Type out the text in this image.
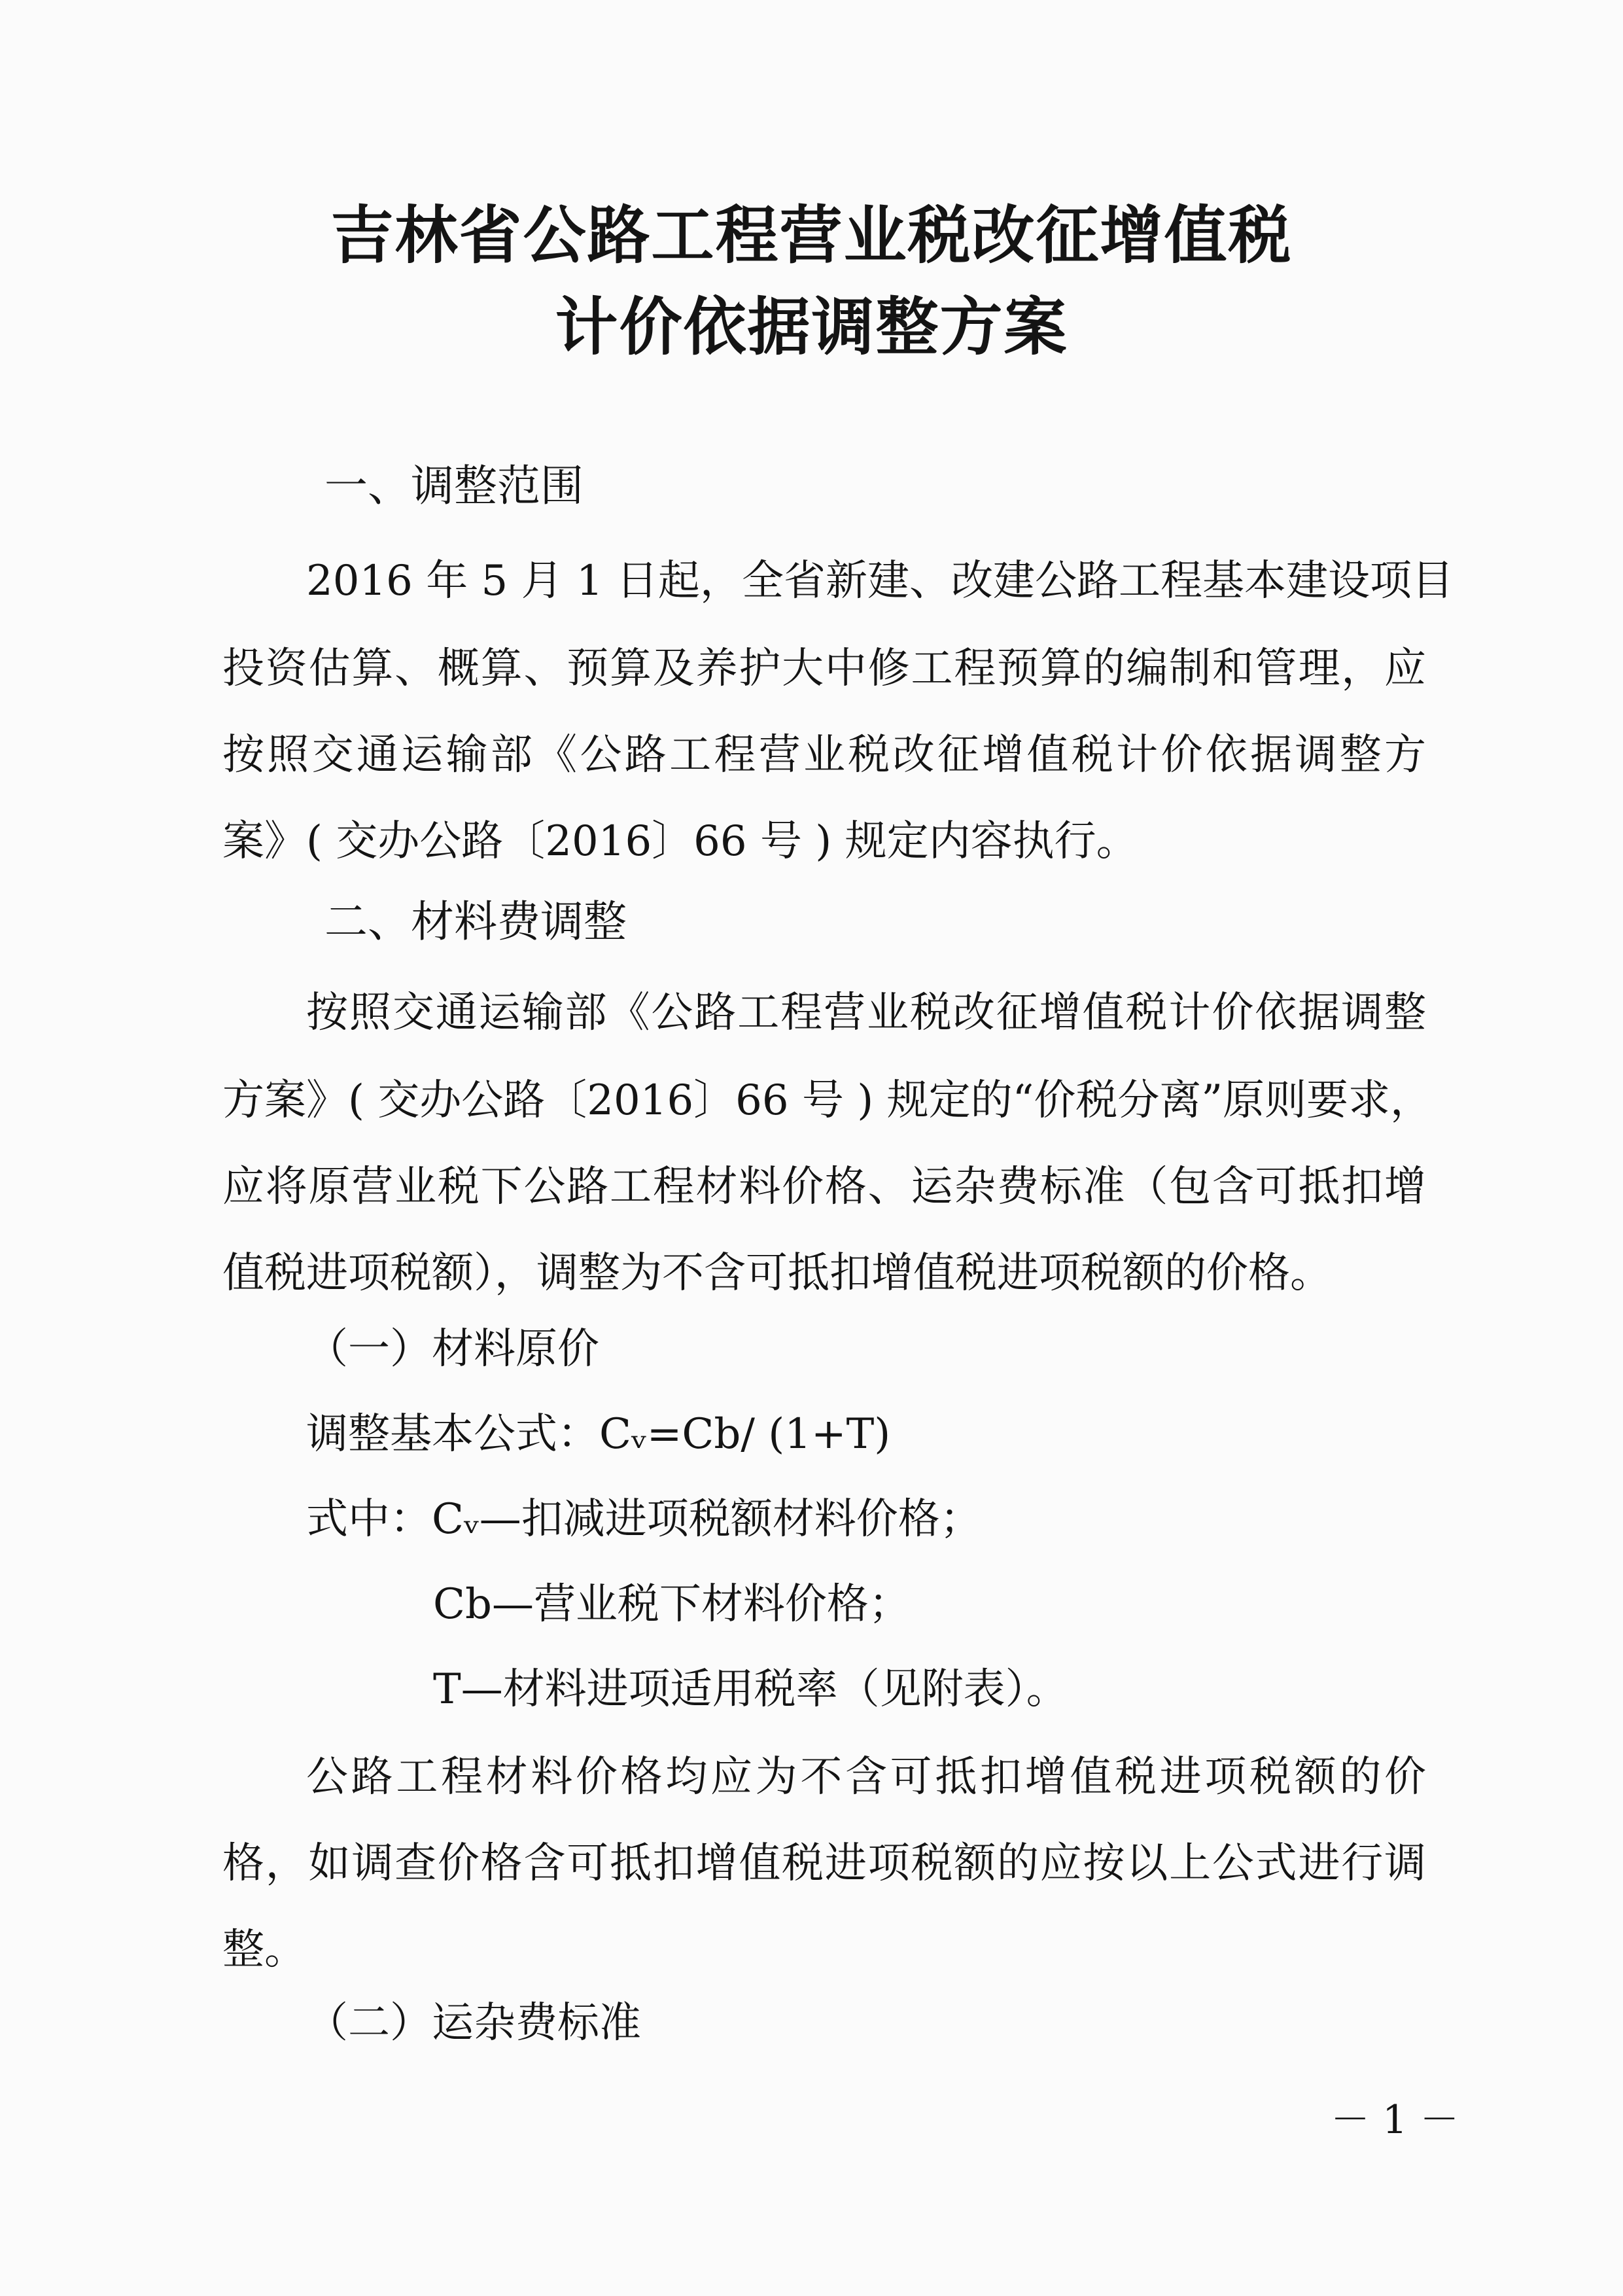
吉林省公路工程营业税改征增值税
计价依据调整方案
一、调整范围
2016 年 5 月 1 日起，全省新建、改建公路工程基本建设项目
投资估算、概算、预算及养护大中修工程预算的编制和管理，应
按照交通运输部《公路工程营业税改征增值税计价依据调整方
案》( 交办公路〔2016〕66 号 ) 规定内容执行。
二、材料费调整
按照交通运输部《公路工程营业税改征增值税计价依据调整
方案》( 交办公路〔2016〕66 号 ) 规定的“价税分离”原则要求，
应将原营业税下公路工程材料价格、运杂费标准（包含可抵扣增
值税进项税额），调整为不含可抵扣增值税进项税额的价格。
（一）材料原价
调整基本公式：Cᵥ=Cb/ (1+T)
式中：Cᵥ—扣减进项税额材料价格；
Cb—营业税下材料价格；
T—材料进项适用税率（见附表）。
公路工程材料价格均应为不含可抵扣增值税进项税额的价
格，如调查价格含可抵扣增值税进项税额的应按以上公式进行调
整。
（二）运杂费标准
－ 1 －
